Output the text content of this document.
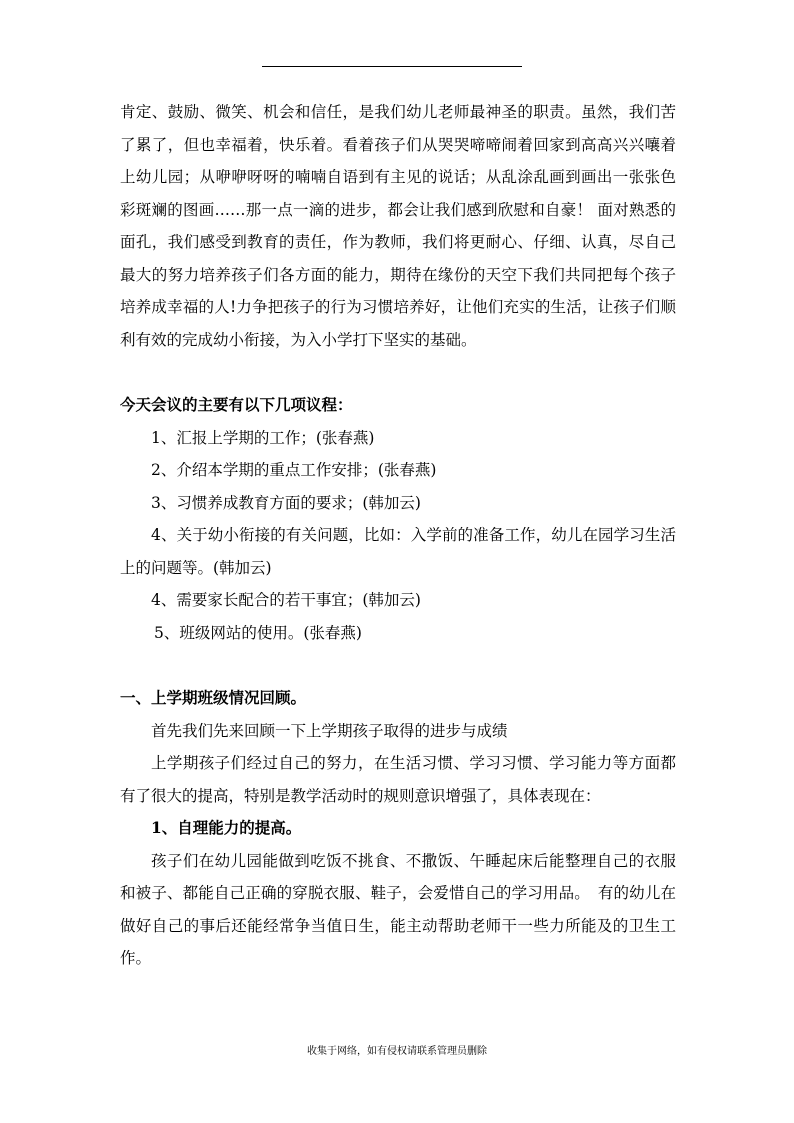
肯定、鼓励、微笑、机会和信任，是我们幼儿老师最神圣的职责。虽然，我们苦了累了，但也幸福着，快乐着。看着孩子们从哭哭啼啼闹着回家到高高兴兴嚷着上幼儿园；从咿咿呀呀的喃喃自语到有主见的说话；从乱涂乱画到画出一张张色彩斑斓的图画……那一点一滴的进步，都会让我们感到欣慰和自豪！ 面对熟悉的面孔，我们感受到教育的责任，作为教师，我们将更耐心、仔细、认真，尽自己最大的努力培养孩子们各方面的能力，期待在缘份的天空下我们共同把每个孩子培养成幸福的人!力争把孩子的行为习惯培养好，让他们充实的生活，让孩子们顺利有效的完成幼小衔接，为入小学打下坚实的基础。

今天会议的主要有以下几项议程：

1、汇报上学期的工作；(张春燕)

2、介绍本学期的重点工作安排；(张春燕)

3、习惯养成教育方面的要求；(韩加云)

4、关于幼小衔接的有关问题，比如：入学前的准备工作，幼儿在园学习生活上的问题等。(韩加云)

4、需要家长配合的若干事宜；(韩加云)

5、班级网站的使用。(张春燕)

一、上学期班级情况回顾。

首先我们先来回顾一下上学期孩子取得的进步与成绩

上学期孩子们经过自己的努力，在生活习惯、学习习惯、学习能力等方面都有了很大的提高，特别是教学活动时的规则意识增强了，具体表现在：

1、自理能力的提高。

孩子们在幼儿园能做到吃饭不挑食、不撒饭、午睡起床后能整理自己的衣服和被子、都能自己正确的穿脱衣服、鞋子，会爱惜自己的学习用品。　有的幼儿在做好自己的事后还能经常争当值日生，能主动帮助老师干一些力所能及的卫生工作。

收集于网络，如有侵权请联系管理员删除
